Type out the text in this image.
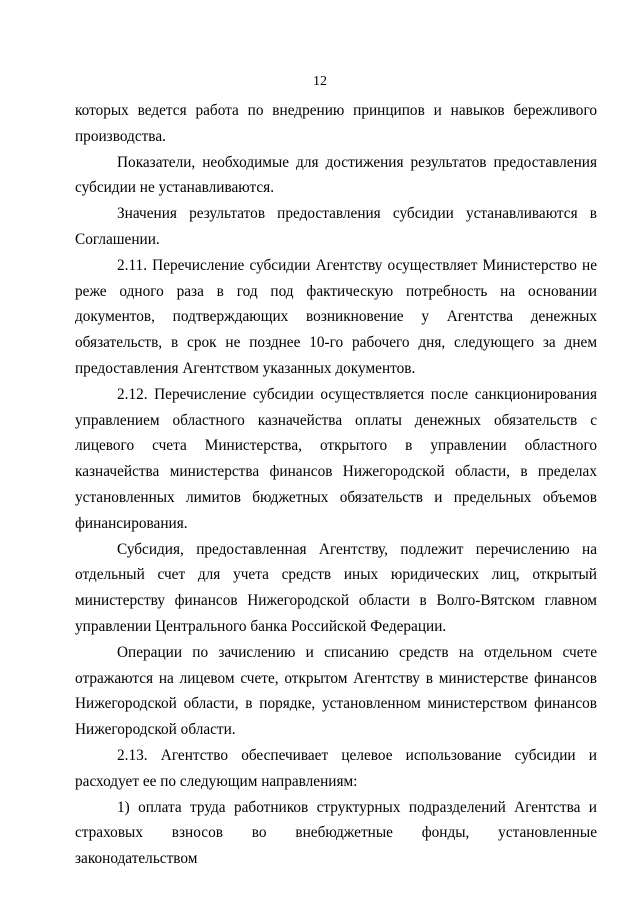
12

которых ведется работа по внедрению принципов и навыков бережливого производства.

Показатели, необходимые для достижения результатов предоставления субсидии не устанавливаются.

Значения результатов предоставления субсидии устанавливаются в Соглашении.

2.11. Перечисление субсидии Агентству осуществляет Министерство не реже одного раза в год под фактическую потребность на основании документов, подтверждающих возникновение у Агентства денежных обязательств, в срок не позднее 10-го рабочего дня, следующего за днем предоставления Агентством указанных документов.

2.12. Перечисление субсидии осуществляется после санкционирования управлением областного казначейства оплаты денежных обязательств с лицевого счета Министерства, открытого в управлении областного казначейства министерства финансов Нижегородской области, в пределах установленных лимитов бюджетных обязательств и предельных объемов финансирования.

Субсидия, предоставленная Агентству, подлежит перечислению на отдельный счет для учета средств иных юридических лиц, открытый министерству финансов Нижегородской области в Волго-Вятском главном управлении Центрального банка Российской Федерации.

Операции по зачислению и списанию средств на отдельном счете отражаются на лицевом счете, открытом Агентству в министерстве финансов Нижегородской области, в порядке, установленном министерством финансов Нижегородской области.

2.13. Агентство обеспечивает целевое использование субсидии и расходует ее по следующим направлениям:

1) оплата труда работников структурных подразделений Агентства и страховых взносов во внебюджетные фонды, установленные законодательством
